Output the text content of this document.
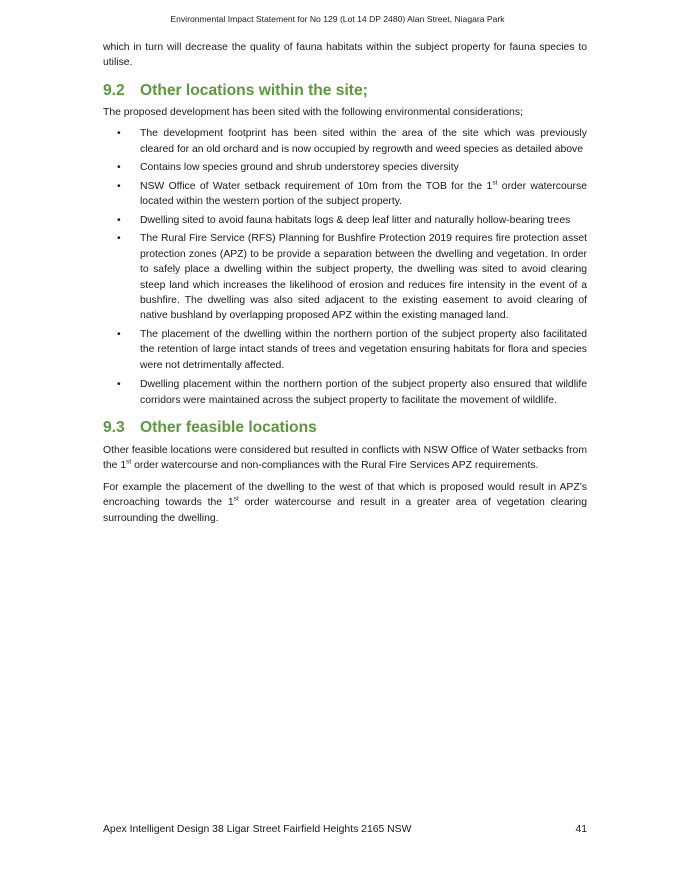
Environmental Impact Statement for No 129 (Lot 14 DP 2480) Alan Street, Niagara Park

which in turn will decrease the quality of fauna habitats within the subject property for fauna species to utilise.

9.2 Other locations within the site;

The proposed development has been sited with the following environmental considerations;

• The development footprint has been sited within the area of the site which was previously cleared for an old orchard and is now occupied by regrowth and weed species as detailed above
• Contains low species ground and shrub understorey species diversity
• NSW Office of Water setback requirement of 10m from the TOB for the 1st order watercourse located within the western portion of the subject property.
• Dwelling sited to avoid fauna habitats logs & deep leaf litter and naturally hollow-bearing trees
• The Rural Fire Service (RFS) Planning for Bushfire Protection 2019 requires fire protection asset protection zones (APZ) to be provide a separation between the dwelling and vegetation. In order to safely place a dwelling within the subject property, the dwelling was sited to avoid clearing steep land which increases the likelihood of erosion and reduces fire intensity in the event of a bushfire. The dwelling was also sited adjacent to the existing easement to avoid clearing of native bushland by overlapping proposed APZ within the existing managed land.
• The placement of the dwelling within the northern portion of the subject property also facilitated the retention of large intact stands of trees and vegetation ensuring habitats for flora and species were not detrimentally affected.
• Dwelling placement within the northern portion of the subject property also ensured that wildlife corridors were maintained across the subject property to facilitate the movement of wildlife.
9.3 Other feasible locations

Other feasible locations were considered but resulted in conflicts with NSW Office of Water setbacks from the 1st order watercourse and non-compliances with the Rural Fire Services APZ requirements.

For example the placement of the dwelling to the west of that which is proposed would result in APZ’s encroaching towards the 1st order watercourse and result in a greater area of vegetation clearing surrounding the dwelling.

Apex Intelligent Design 38 Ligar Street Fairfield Heights 2165 NSW	41
